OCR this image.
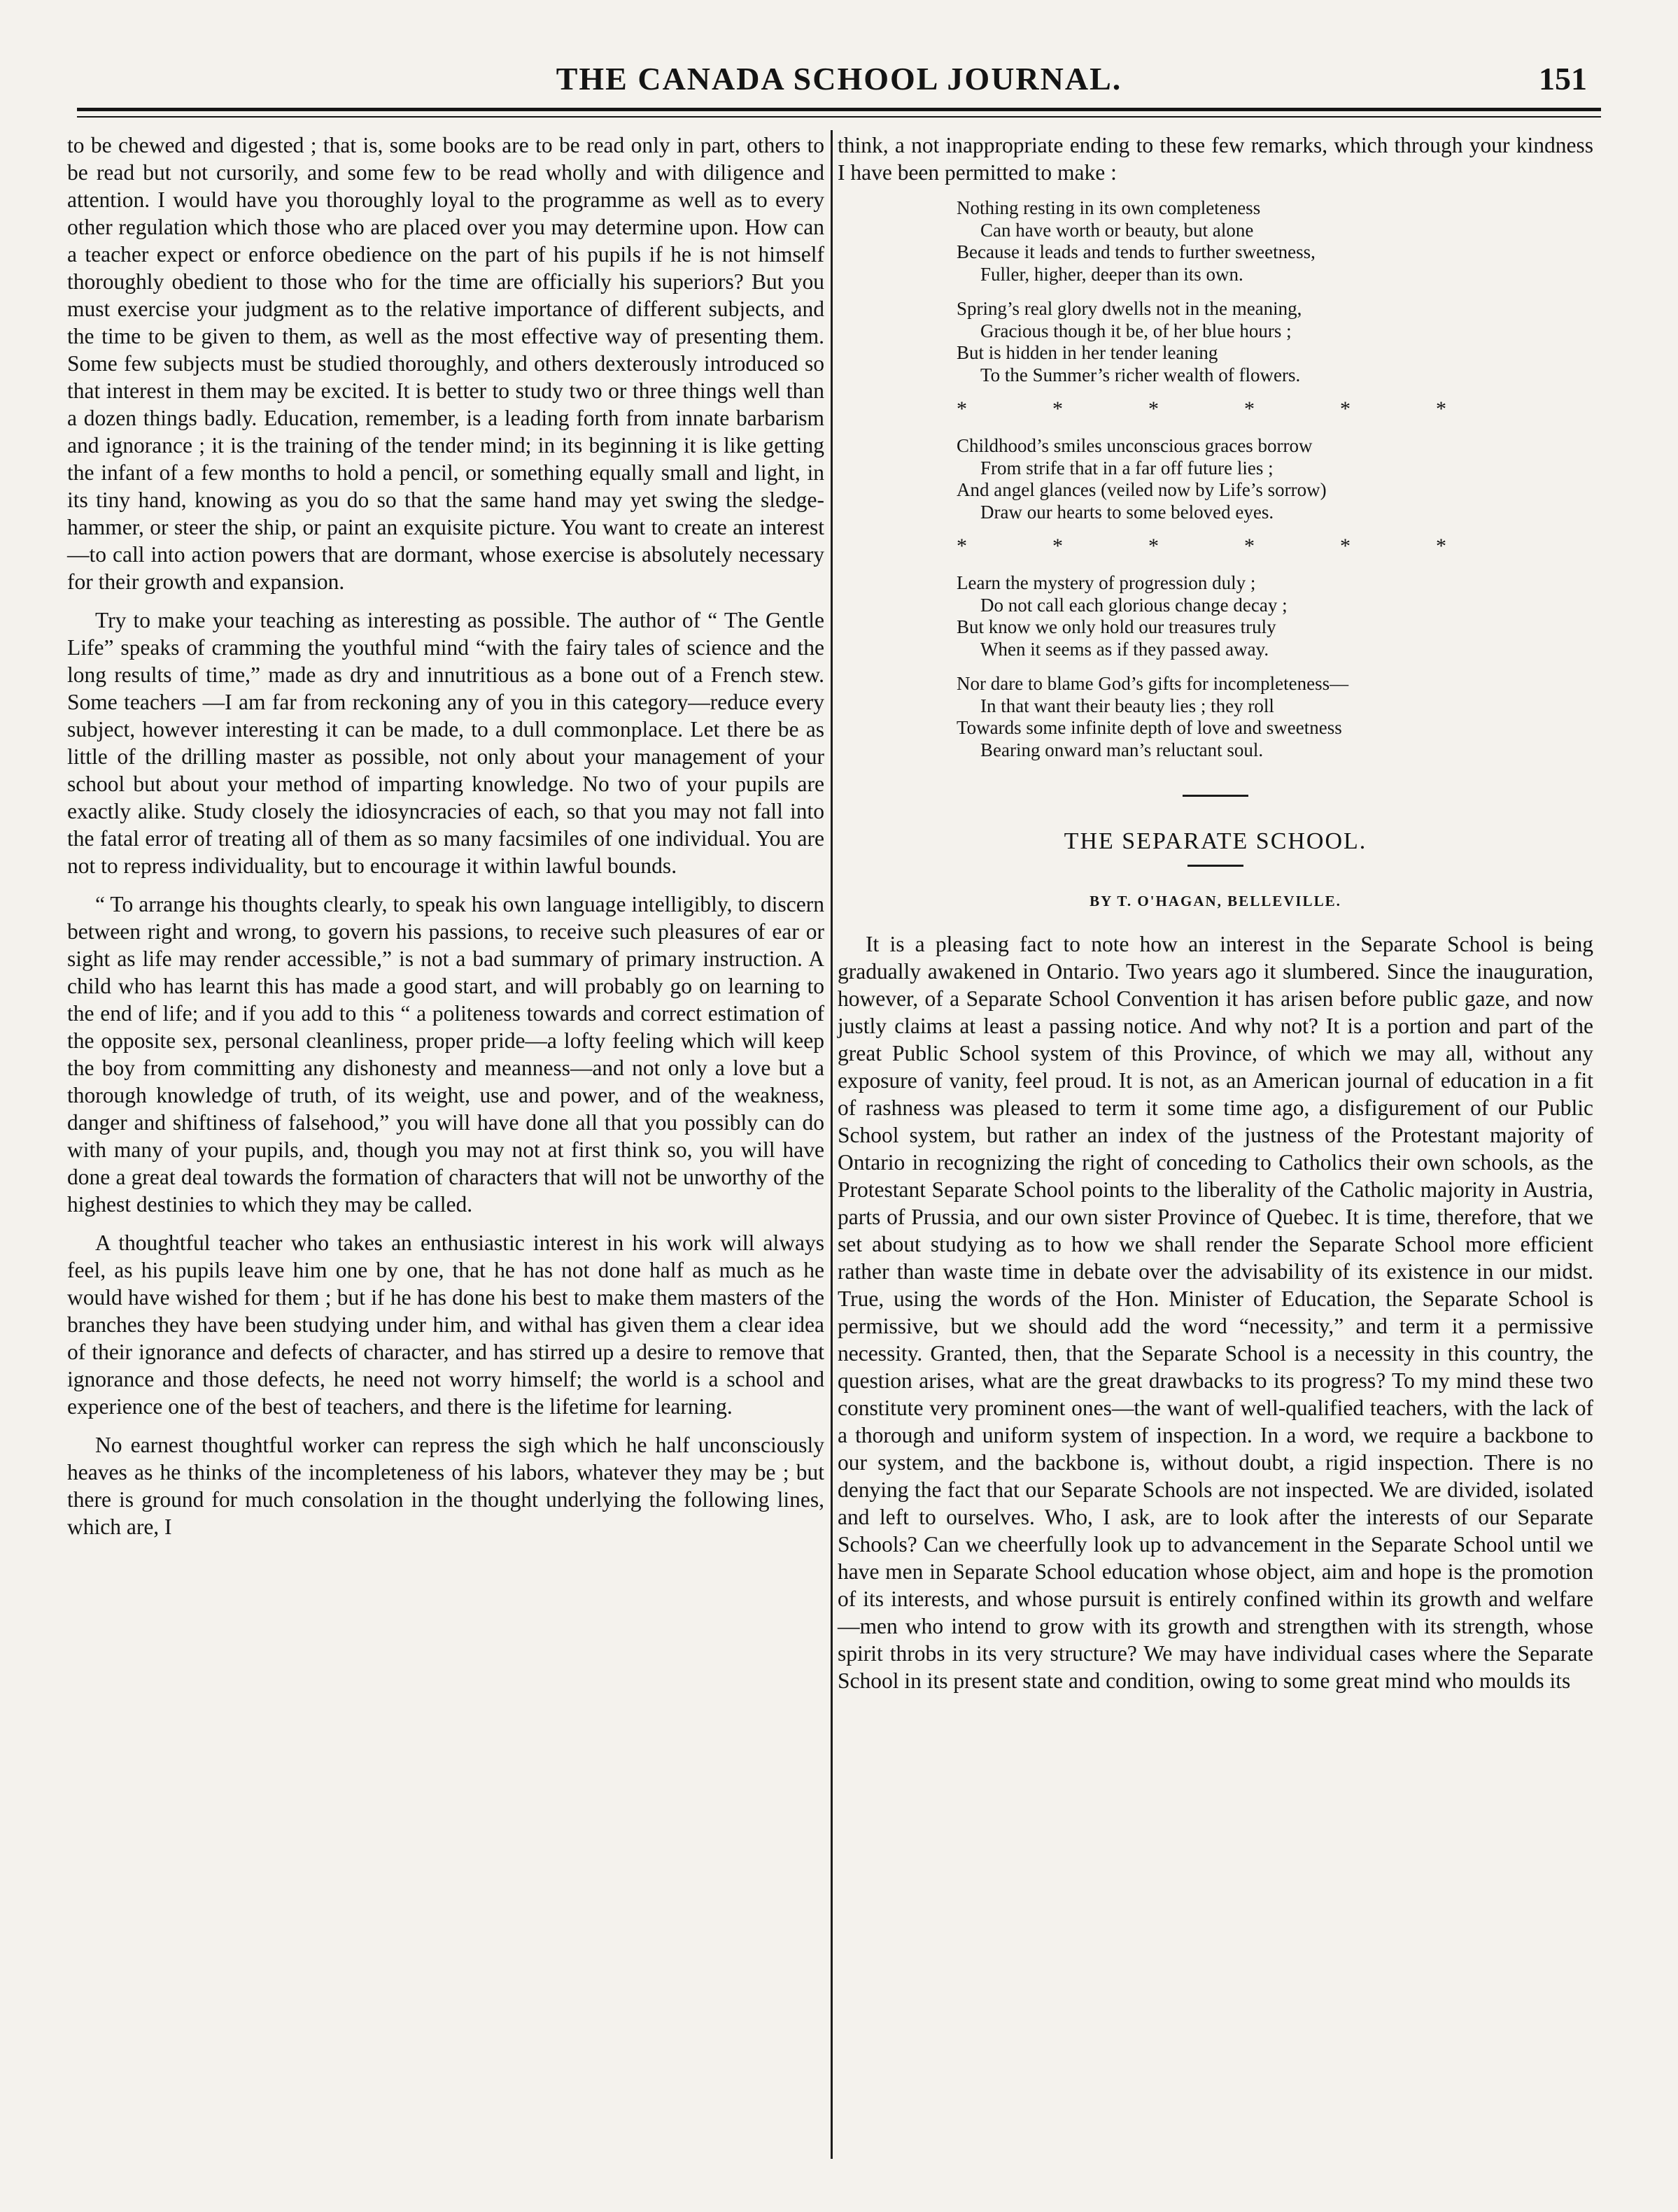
THE CANADA SCHOOL JOURNAL.	151

to be chewed and digested ; that is, some books are to be read only in part, others to be read but not cursorily, and some few to be read wholly and with diligence and attention. I would have you thoroughly loyal to the programme as well as to every other regulation which those who are placed over you may determine upon. How can a teacher expect or enforce obedience on the part of his pupils if he is not himself thoroughly obedient to those who for the time are officially his superiors? But you must exercise your judgment as to the relative importance of different subjects, and the time to be given to them, as well as the most effective way of presenting them. Some few subjects must be studied thoroughly, and others dexterously introduced so that interest in them may be excited. It is better to study two or three things well than a dozen things badly. Education, remember, is a leading forth from innate barbarism and ignorance ; it is the training of the tender mind; in its beginning it is like getting the infant of a few months to hold a pencil, or something equally small and light, in its tiny hand, knowing as you do so that the same hand may yet swing the sledge-hammer, or steer the ship, or paint an exquisite picture. You want to create an interest—to call into action powers that are dormant, whose exercise is absolutely necessary for their growth and expansion.

Try to make your teaching as interesting as possible. The author of “ The Gentle Life” speaks of cramming the youthful mind “with the fairy tales of science and the long results of time,” made as dry and innutritious as a bone out of a French stew. Some teachers —I am far from reckoning any of you in this category—reduce every subject, however interesting it can be made, to a dull commonplace. Let there be as little of the drilling master as possible, not only about your management of your school but about your method of imparting knowledge. No two of your pupils are exactly alike. Study closely the idiosyncracies of each, so that you may not fall into the fatal error of treating all of them as so many facsimiles of one individual. You are not to repress individuality, but to encourage it within lawful bounds.

“ To arrange his thoughts clearly, to speak his own language intelligibly, to discern between right and wrong, to govern his passions, to receive such pleasures of ear or sight as life may render accessible,” is not a bad summary of primary instruction. A child who has learnt this has made a good start, and will probably go on learning to the end of life; and if you add to this “ a politeness towards and correct estimation of the opposite sex, personal cleanliness, proper pride—a lofty feeling which will keep the boy from committing any dishonesty and meanness—and not only a love but a thorough knowledge of truth, of its weight, use and power, and of the weakness, danger and shiftiness of falsehood,” you will have done all that you possibly can do with many of your pupils, and, though you may not at first think so, you will have done a great deal towards the formation of characters that will not be unworthy of the highest destinies to which they may be called.

A thoughtful teacher who takes an enthusiastic interest in his work will always feel, as his pupils leave him one by one, that he has not done half as much as he would have wished for them ; but if he has done his best to make them masters of the branches they have been studying under him, and withal has given them a clear idea of their ignorance and defects of character, and has stirred up a desire to remove that ignorance and those defects, he need not worry himself; the world is a school and experience one of the best of teachers, and there is the lifetime for learning.

No earnest thoughtful worker can repress the sigh which he half unconsciously heaves as he thinks of the incompleteness of his labors, whatever they may be ; but there is ground for much consolation in the thought underlying the following lines, which are, I

think, a not inappropriate ending to these few remarks, which through your kindness I have been permitted to make :

Nothing resting in its own completeness
Can have worth or beauty, but alone
Because it leads and tends to further sweetness,
Fuller, higher, deeper than its own.
Spring’s real glory dwells not in the meaning,
Gracious though it be, of her blue hours ;
But is hidden in her tender leaning
To the Summer’s richer wealth of flowers.
*	*	*	*	*	*
Childhood’s smiles unconscious graces borrow
From strife that in a far off future lies ;
And angel glances (veiled now by Life’s sorrow)
Draw our hearts to some beloved eyes.
*	*	*	*	*	*
Learn the mystery of progression duly ;
Do not call each glorious change decay ;
But know we only hold our treasures truly
When it seems as if they passed away.
Nor dare to blame God’s gifts for incompleteness—
In that want their beauty lies ; they roll
Towards some infinite depth of love and sweetness
Bearing onward man’s reluctant soul.
THE SEPARATE SCHOOL.
BY T. O'HAGAN, BELLEVILLE.

It is a pleasing fact to note how an interest in the Separate School is being gradually awakened in Ontario. Two years ago it slumbered. Since the inauguration, however, of a Separate School Convention it has arisen before public gaze, and now justly claims at least a passing notice. And why not? It is a portion and part of the great Public School system of this Province, of which we may all, without any exposure of vanity, feel proud. It is not, as an American journal of education in a fit of rashness was pleased to term it some time ago, a disfigurement of our Public School system, but rather an index of the justness of the Protestant majority of Ontario in recognizing the right of conceding to Catholics their own schools, as the Protestant Separate School points to the liberality of the Catholic majority in Austria, parts of Prussia, and our own sister Province of Quebec. It is time, therefore, that we set about studying as to how we shall render the Separate School more efficient rather than waste time in debate over the advisability of its existence in our midst. True, using the words of the Hon. Minister of Education, the Separate School is permissive, but we should add the word “necessity,” and term it a permissive necessity. Granted, then, that the Separate School is a necessity in this country, the question arises, what are the great drawbacks to its progress? To my mind these two constitute very prominent ones—the want of well-qualified teachers, with the lack of a thorough and uniform system of inspection. In a word, we require a backbone to our system, and the backbone is, without doubt, a rigid inspection. There is no denying the fact that our Separate Schools are not inspected. We are divided, isolated and left to ourselves. Who, I ask, are to look after the interests of our Separate Schools? Can we cheerfully look up to advancement in the Separate School until we have men in Separate School education whose object, aim and hope is the promotion of its interests, and whose pursuit is entirely confined within its growth and welfare—men who intend to grow with its growth and strengthen with its strength, whose spirit throbs in its very structure? We may have individual cases where the Separate School in its present state and condition, owing to some great mind who moulds its
